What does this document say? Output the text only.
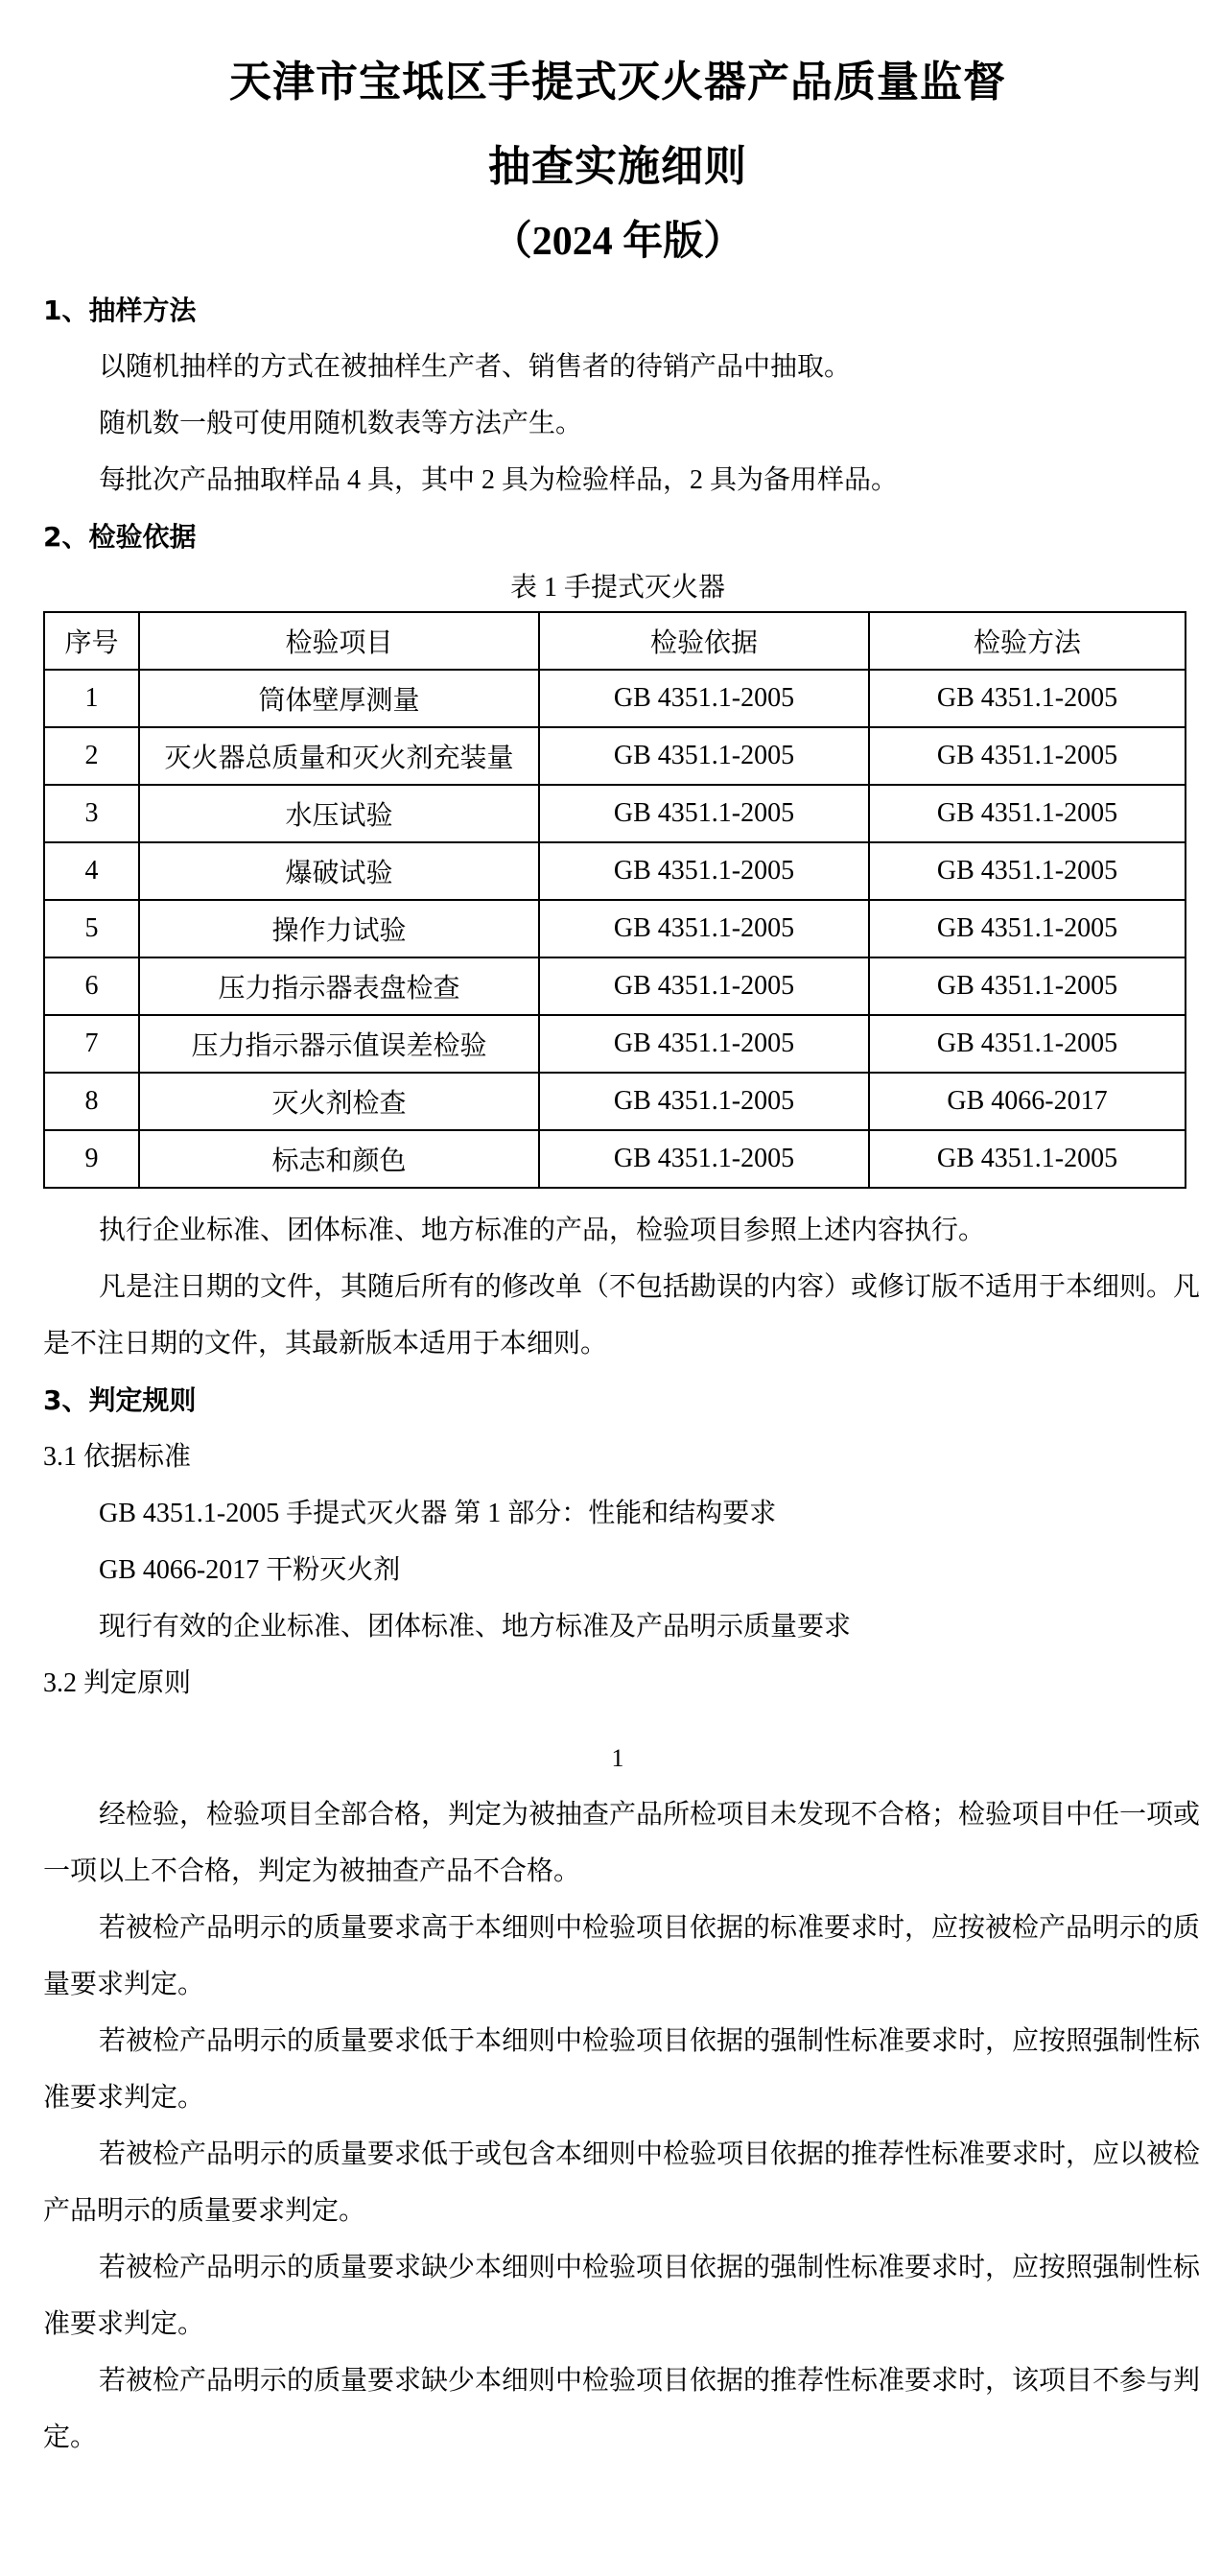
天津市宝坻区手提式灭火器产品质量监督
抽查实施细则
（2024 年版）
1、抽样方法
以随机抽样的方式在被抽样生产者、销售者的待销产品中抽取。
随机数一般可使用随机数表等方法产生。
每批次产品抽取样品 4 具，其中 2 具为检验样品，2 具为备用样品。
2、检验依据
表 1 手提式灭火器
序号	检验项目	检验依据	检验方法
1	筒体壁厚测量	GB 4351.1-2005	GB 4351.1-2005
2	灭火器总质量和灭火剂充装量	GB 4351.1-2005	GB 4351.1-2005
3	水压试验	GB 4351.1-2005	GB 4351.1-2005
4	爆破试验	GB 4351.1-2005	GB 4351.1-2005
5	操作力试验	GB 4351.1-2005	GB 4351.1-2005
6	压力指示器表盘检查	GB 4351.1-2005	GB 4351.1-2005
7	压力指示器示值误差检验	GB 4351.1-2005	GB 4351.1-2005
8	灭火剂检查	GB 4351.1-2005	GB 4066-2017
9	标志和颜色	GB 4351.1-2005	GB 4351.1-2005
执行企业标准、团体标准、地方标准的产品，检验项目参照上述内容执行。
凡是注日期的文件，其随后所有的修改单（不包括勘误的内容）或修订版不适用于本细则。凡
是不注日期的文件，其最新版本适用于本细则。
3、判定规则
3.1 依据标准
GB 4351.1-2005 手提式灭火器 第 1 部分：性能和结构要求
GB 4066-2017 干粉灭火剂
现行有效的企业标准、团体标准、地方标准及产品明示质量要求
3.2 判定原则
1
经检验，检验项目全部合格，判定为被抽查产品所检项目未发现不合格；检验项目中任一项或
一项以上不合格，判定为被抽查产品不合格。
若被检产品明示的质量要求高于本细则中检验项目依据的标准要求时，应按被检产品明示的质
量要求判定。
若被检产品明示的质量要求低于本细则中检验项目依据的强制性标准要求时，应按照强制性标
准要求判定。
若被检产品明示的质量要求低于或包含本细则中检验项目依据的推荐性标准要求时，应以被检
产品明示的质量要求判定。
若被检产品明示的质量要求缺少本细则中检验项目依据的强制性标准要求时，应按照强制性标
准要求判定。
若被检产品明示的质量要求缺少本细则中检验项目依据的推荐性标准要求时，该项目不参与判
定。
